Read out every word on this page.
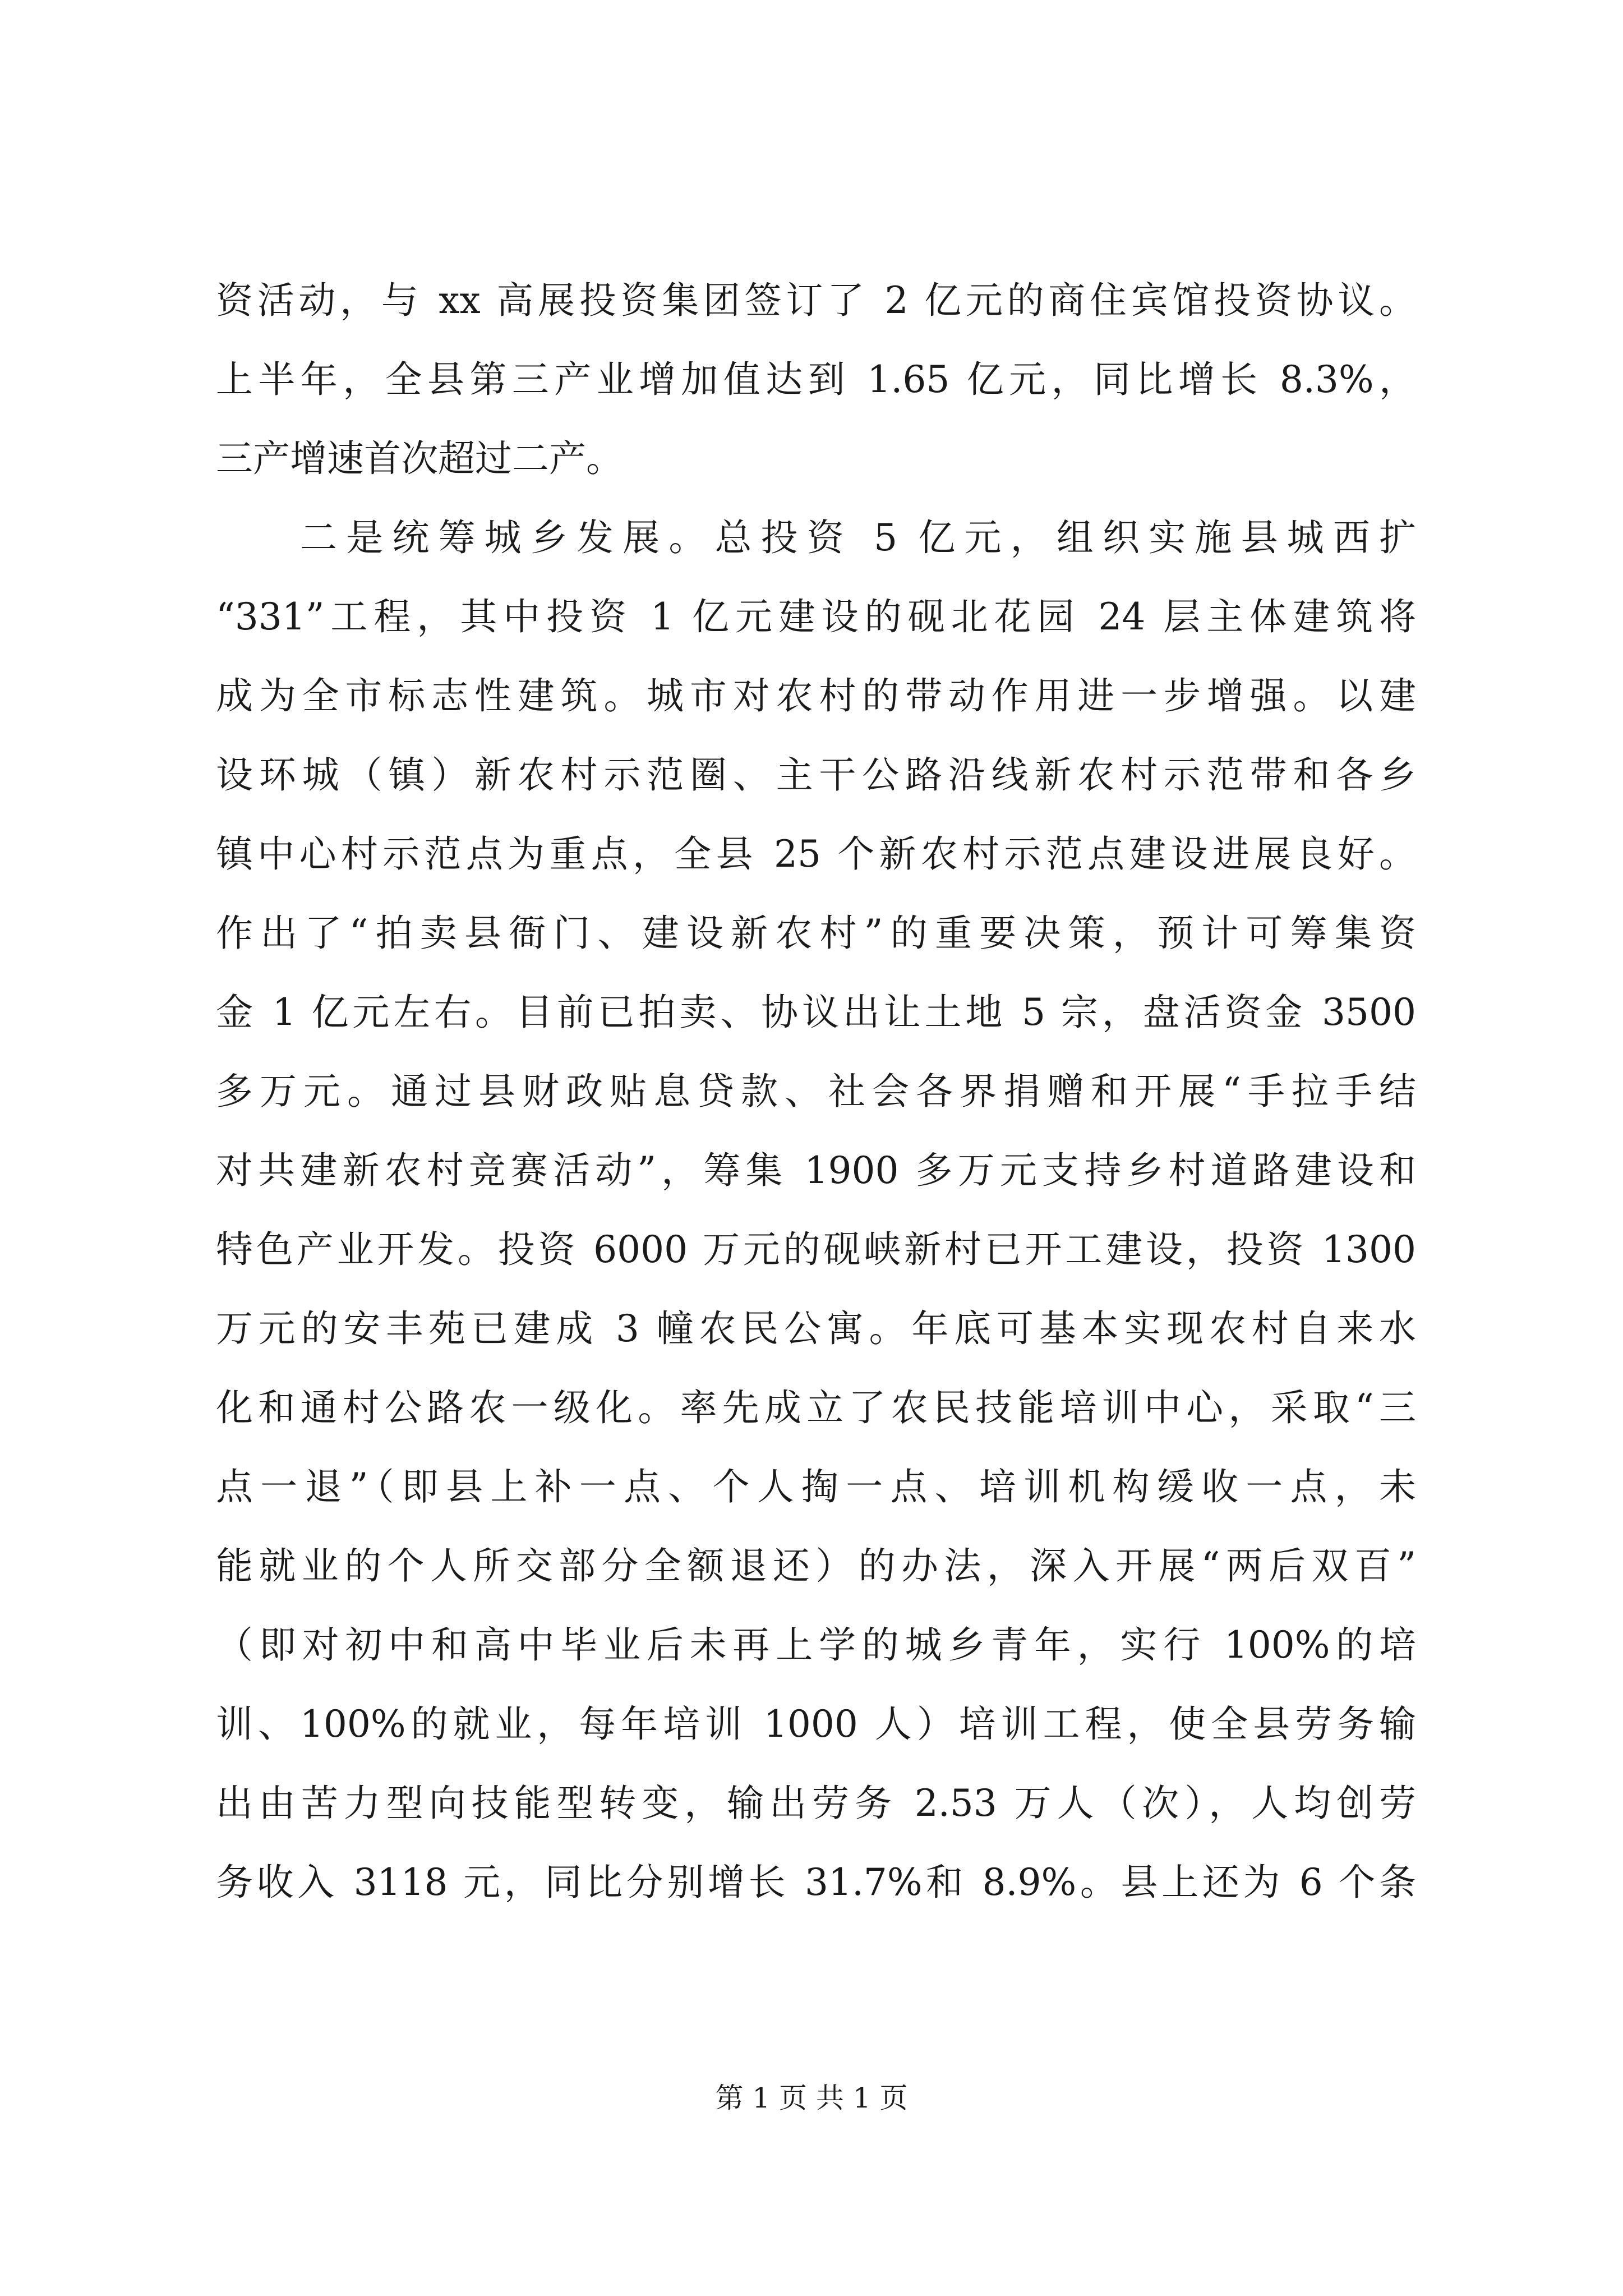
资活动，与 xx 高展投资集团签订了 2 亿元的商住宾馆投资协议。
上半年，全县第三产业增加值达到 1.65 亿元，同比增长 8.3%，
三产增速首次超过二产。
二是统筹城乡发展。总投资 5 亿元，组织实施县城西扩
“331”工程，其中投资 1 亿元建设的砚北花园 24 层主体建筑将
成为全市标志性建筑。城市对农村的带动作用进一步增强。以建
设环城（镇）新农村示范圈、主干公路沿线新农村示范带和各乡
镇中心村示范点为重点，全县 25 个新农村示范点建设进展良好。
作出了“拍卖县衙门、建设新农村”的重要决策，预计可筹集资
金 1 亿元左右。目前已拍卖、协议出让土地 5 宗，盘活资金 3500
多万元。通过县财政贴息贷款、社会各界捐赠和开展“手拉手结
对共建新农村竞赛活动”，筹集 1900 多万元支持乡村道路建设和
特色产业开发。投资 6000 万元的砚峡新村已开工建设，投资 1300
万元的安丰苑已建成 3 幢农民公寓。年底可基本实现农村自来水
化和通村公路农一级化。率先成立了农民技能培训中心，采取“三
点一退”（即县上补一点、个人掏一点、培训机构缓收一点，未
能就业的个人所交部分全额退还）的办法，深入开展“两后双百”
（即对初中和高中毕业后未再上学的城乡青年，实行 100%的培
训、100%的就业，每年培训 1000 人）培训工程，使全县劳务输
出由苦力型向技能型转变，输出劳务 2.53 万人（次），人均创劳
务收入 3118 元，同比分别增长 31.7%和 8.9%。县上还为 6 个条
第 1 页 共 1 页
